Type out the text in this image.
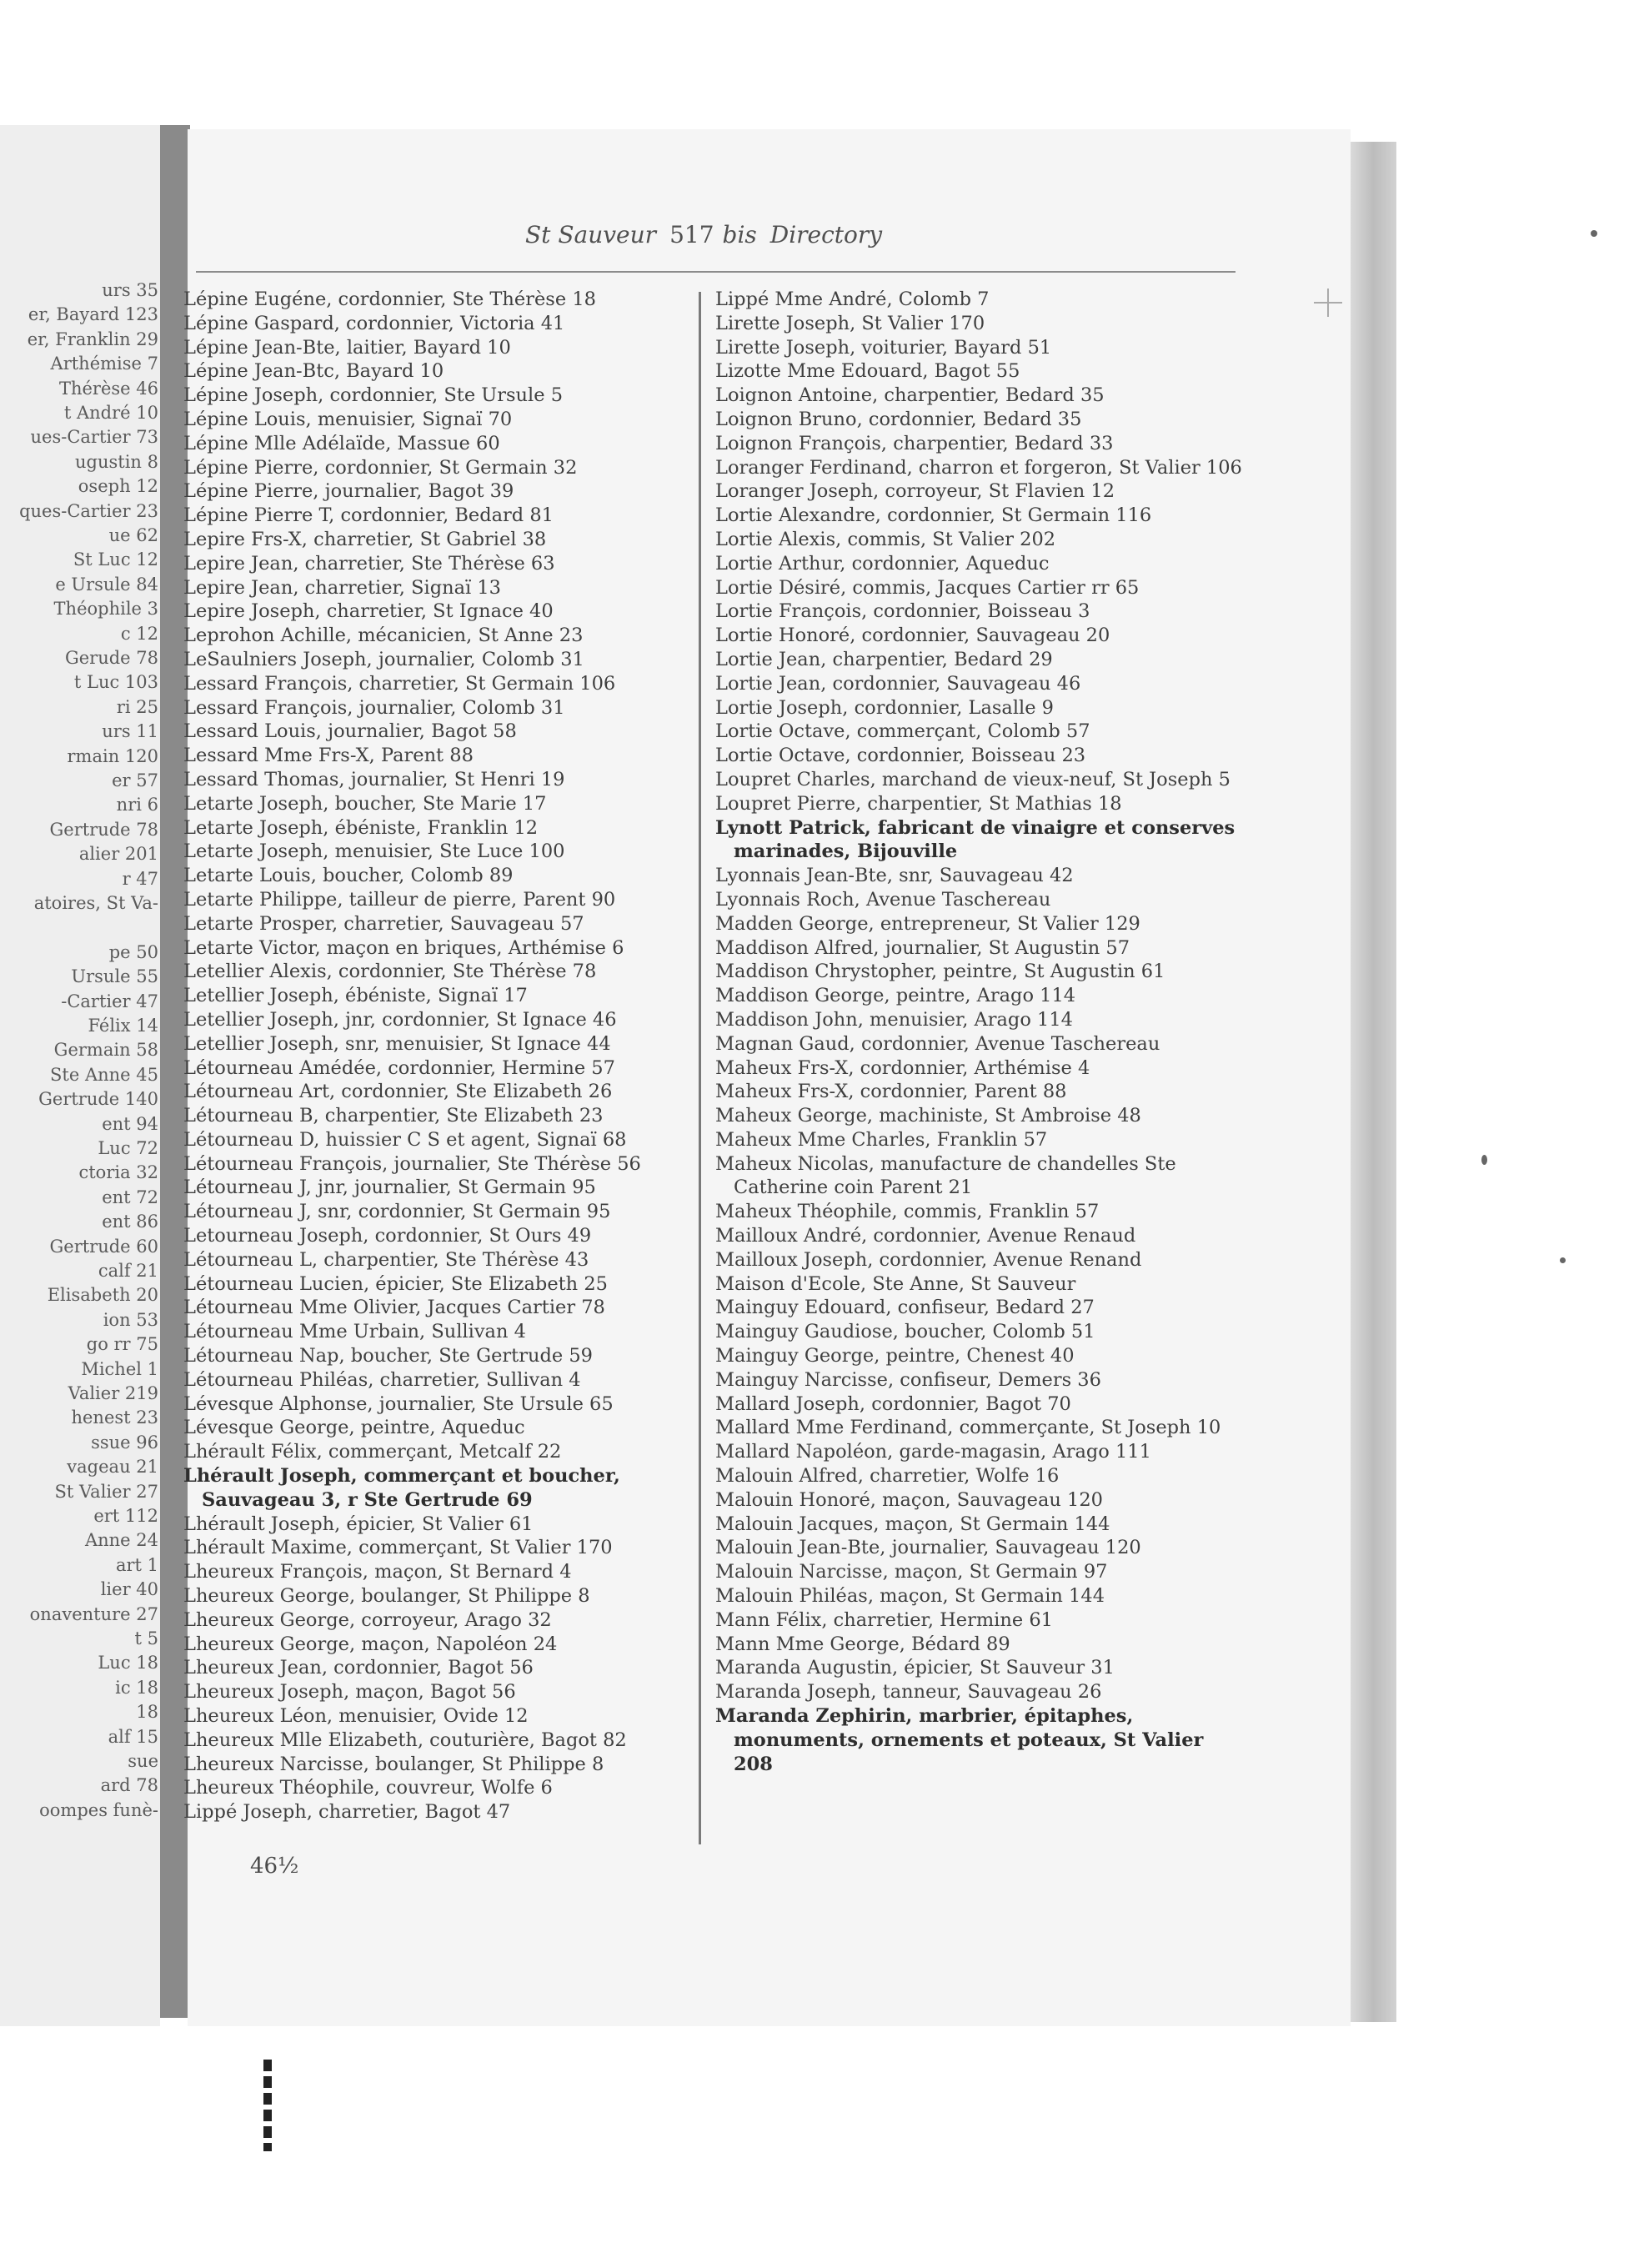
urs 35
er, Bayard 123
er, Franklin 29
Arthémise 7
Thérèse 46
t André 10
ues-Cartier 73
ugustin 8
oseph 12
ques-Cartier 23
ue 62
St Luc 12
e Ursule 84
Théophile 3
c 12
Gerude 78
t Luc 103
ri 25
urs 11
rmain 120
er 57
nri 6
Gertrude 78
alier 201
r 47
atoires, St Va-
pe 50
Ursule 55
-Cartier 47
Félix 14
Germain 58
Ste Anne 45
Gertrude 140
ent 94
Luc 72
ctoria 32
ent 72
ent 86
Gertrude 60
calf 21
Elisabeth 20
ion 53
go rr 75
Michel 1
Valier 219
henest 23
ssue 96
vageau 21
St Valier 27
ert 112
Anne 24
art 1
lier 40
onaventure 27
t 5
Luc 18
ic 18
18
alf 15
sue
ard 78
oompes funè-
St Sauveur 517 bis Directory
Lépine Eugéne, cordonnier, Ste Thérèse 18
Lépine Gaspard, cordonnier, Victoria 41
Lépine Jean-Bte, laitier, Bayard 10
Lépine Jean-Btc, Bayard 10
Lépine Joseph, cordonnier, Ste Ursule 5
Lépine Louis, menuisier, Signaï 70
Lépine Mlle Adélaïde, Massue 60
Lépine Pierre, cordonnier, St Germain 32
Lépine Pierre, journalier, Bagot 39
Lépine Pierre T, cordonnier, Bedard 81
Lepire Frs-X, charretier, St Gabriel 38
Lepire Jean, charretier, Ste Thérèse 63
Lepire Jean, charretier, Signaï 13
Lepire Joseph, charretier, St Ignace 40
Leprohon Achille, mécanicien, St Anne 23
LeSaulniers Joseph, journalier, Colomb 31
Lessard François, charretier, St Germain 106
Lessard François, journalier, Colomb 31
Lessard Louis, journalier, Bagot 58
Lessard Mme Frs-X, Parent 88
Lessard Thomas, journalier, St Henri 19
Letarte Joseph, boucher, Ste Marie 17
Letarte Joseph, ébéniste, Franklin 12
Letarte Joseph, menuisier, Ste Luce 100
Letarte Louis, boucher, Colomb 89
Letarte Philippe, tailleur de pierre, Parent 90
Letarte Prosper, charretier, Sauvageau 57
Letarte Victor, maçon en briques, Arthémise 6
Letellier Alexis, cordonnier, Ste Thérèse 78
Letellier Joseph, ébéniste, Signaï 17
Letellier Joseph, jnr, cordonnier, St Ignace 46
Letellier Joseph, snr, menuisier, St Ignace 44
Létourneau Amédée, cordonnier, Hermine 57
Létourneau Art, cordonnier, Ste Elizabeth 26
Létourneau B, charpentier, Ste Elizabeth 23
Létourneau D, huissier C S et agent, Signaï 68
Létourneau François, journalier, Ste Thérèse 56
Létourneau J, jnr, journalier, St Germain 95
Létourneau J, snr, cordonnier, St Germain 95
Letourneau Joseph, cordonnier, St Ours 49
Létourneau L, charpentier, Ste Thérèse 43
Létourneau Lucien, épicier, Ste Elizabeth 25
Létourneau Mme Olivier, Jacques Cartier 78
Létourneau Mme Urbain, Sullivan 4
Létourneau Nap, boucher, Ste Gertrude 59
Létourneau Philéas, charretier, Sullivan 4
Lévesque Alphonse, journalier, Ste Ursule 65
Lévesque George, peintre, Aqueduc
Lhérault Félix, commerçant, Metcalf 22
Lhérault Joseph, commerçant et boucher, Sauvageau 3, r Ste Gertrude 69
Lhérault Joseph, épicier, St Valier 61
Lhérault Maxime, commerçant, St Valier 170
Lheureux François, maçon, St Bernard 4
Lheureux George, boulanger, St Philippe 8
Lheureux George, corroyeur, Arago 32
Lheureux George, maçon, Napoléon 24
Lheureux Jean, cordonnier, Bagot 56
Lheureux Joseph, maçon, Bagot 56
Lheureux Léon, menuisier, Ovide 12
Lheureux Mlle Elizabeth, couturière, Bagot 82
Lheureux Narcisse, boulanger, St Philippe 8
Lheureux Théophile, couvreur, Wolfe 6
Lippé Joseph, charretier, Bagot 47
Lippé Mme André, Colomb 7
Lirette Joseph, St Valier 170
Lirette Joseph, voiturier, Bayard 51
Lizotte Mme Edouard, Bagot 55
Loignon Antoine, charpentier, Bedard 35
Loignon Bruno, cordonnier, Bedard 35
Loignon François, charpentier, Bedard 33
Loranger Ferdinand, charron et forgeron, St Valier 106
Loranger Joseph, corroyeur, St Flavien 12
Lortie Alexandre, cordonnier, St Germain 116
Lortie Alexis, commis, St Valier 202
Lortie Arthur, cordonnier, Aqueduc
Lortie Désiré, commis, Jacques Cartier rr 65
Lortie François, cordonnier, Boisseau 3
Lortie Honoré, cordonnier, Sauvageau 20
Lortie Jean, charpentier, Bedard 29
Lortie Jean, cordonnier, Sauvageau 46
Lortie Joseph, cordonnier, Lasalle 9
Lortie Octave, commerçant, Colomb 57
Lortie Octave, cordonnier, Boisseau 23
Loupret Charles, marchand de vieux-neuf, St Joseph 5
Loupret Pierre, charpentier, St Mathias 18
Lynott Patrick, fabricant de vinaigre et conserves marinades, Bijouville
Lyonnais Jean-Bte, snr, Sauvageau 42
Lyonnais Roch, Avenue Taschereau
Madden George, entrepreneur, St Valier 129
Maddison Alfred, journalier, St Augustin 57
Maddison Chrystopher, peintre, St Augustin 61
Maddison George, peintre, Arago 114
Maddison John, menuisier, Arago 114
Magnan Gaud, cordonnier, Avenue Taschereau
Maheux Frs-X, cordonnier, Arthémise 4
Maheux Frs-X, cordonnier, Parent 88
Maheux George, machiniste, St Ambroise 48
Maheux Mme Charles, Franklin 57
Maheux Nicolas, manufacture de chandelles Ste Catherine coin Parent 21
Maheux Théophile, commis, Franklin 57
Mailloux André, cordonnier, Avenue Renaud
Mailloux Joseph, cordonnier, Avenue Renand
Maison d'Ecole, Ste Anne, St Sauveur
Mainguy Edouard, confiseur, Bedard 27
Mainguy Gaudiose, boucher, Colomb 51
Mainguy George, peintre, Chenest 40
Mainguy Narcisse, confiseur, Demers 36
Mallard Joseph, cordonnier, Bagot 70
Mallard Mme Ferdinand, commerçante, St Joseph 10
Mallard Napoléon, garde-magasin, Arago 111
Malouin Alfred, charretier, Wolfe 16
Malouin Honoré, maçon, Sauvageau 120
Malouin Jacques, maçon, St Germain 144
Malouin Jean-Bte, journalier, Sauvageau 120
Malouin Narcisse, maçon, St Germain 97
Malouin Philéas, maçon, St Germain 144
Mann Félix, charretier, Hermine 61
Mann Mme George, Bédard 89
Maranda Augustin, épicier, St Sauveur 31
Maranda Joseph, tanneur, Sauvageau 26
Maranda Zephirin, marbrier, épitaphes, monuments, ornements et poteaux, St Valier 208
46½
